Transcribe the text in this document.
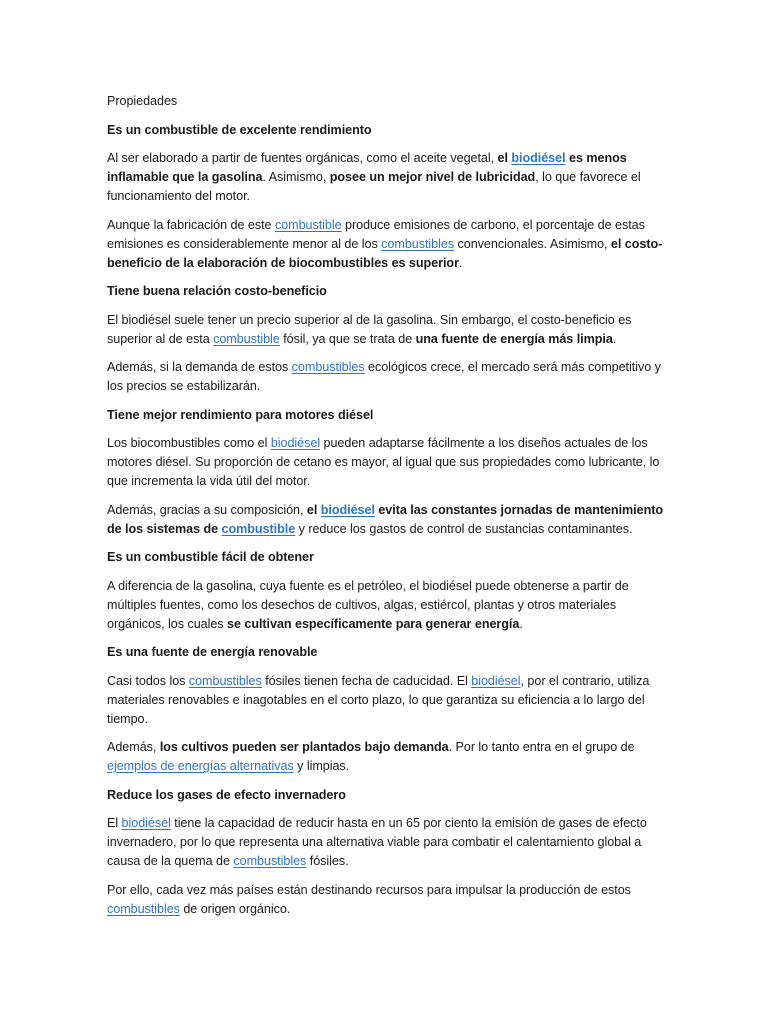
Propiedades
Es un combustible de excelente rendimiento
Al ser elaborado a partir de fuentes orgánicas, como el aceite vegetal, el biodiésel es menos inflamable que la gasolina. Asimismo, posee un mejor nivel de lubricidad, lo que favorece el funcionamiento del motor.
Aunque la fabricación de este combustible produce emisiones de carbono, el porcentaje de estas emisiones es considerablemente menor al de los combustibles convencionales. Asimismo, el costo-beneficio de la elaboración de biocombustibles es superior.
Tiene buena relación costo-beneficio
El biodiésel suele tener un precio superior al de la gasolina. Sin embargo, el costo-beneficio es superior al de esta combustible fósil, ya que se trata de una fuente de energía más limpia.
Además, si la demanda de estos combustibles ecológicos crece, el mercado será más competitivo y los precios se estabilizarán.
Tiene mejor rendimiento para motores diésel
Los biocombustibles como el biodiésel pueden adaptarse fácilmente a los diseños actuales de los motores diésel. Su proporción de cetano es mayor, al igual que sus propiedades como lubricante, lo que incrementa la vida útil del motor.
Además, gracias a su composición, el biodiésel evita las constantes jornadas de mantenimiento de los sistemas de combustible y reduce los gastos de control de sustancias contaminantes.
Es un combustible fácil de obtener
A diferencia de la gasolina, cuya fuente es el petróleo, el biodiésel puede obtenerse a partir de múltiples fuentes, como los desechos de cultivos, algas, estiércol, plantas y otros materiales orgánicos, los cuales se cultivan específicamente para generar energía.
Es una fuente de energía renovable
Casi todos los combustibles fósiles tienen fecha de caducidad. El biodiésel, por el contrario, utiliza materiales renovables e inagotables en el corto plazo, lo que garantiza su eficiencia a lo largo del tiempo.
Además, los cultivos pueden ser plantados bajo demanda. Por lo tanto entra en el grupo de ejemplos de energías alternativas y limpias.
Reduce los gases de efecto invernadero
El biodiésel tiene la capacidad de reducir hasta en un 65 por ciento la emisión de gases de efecto invernadero, por lo que representa una alternativa viable para combatir el calentamiento global a causa de la quema de combustibles fósiles.
Por ello, cada vez más países están destinando recursos para impulsar la producción de estos combustibles de origen orgánico.
